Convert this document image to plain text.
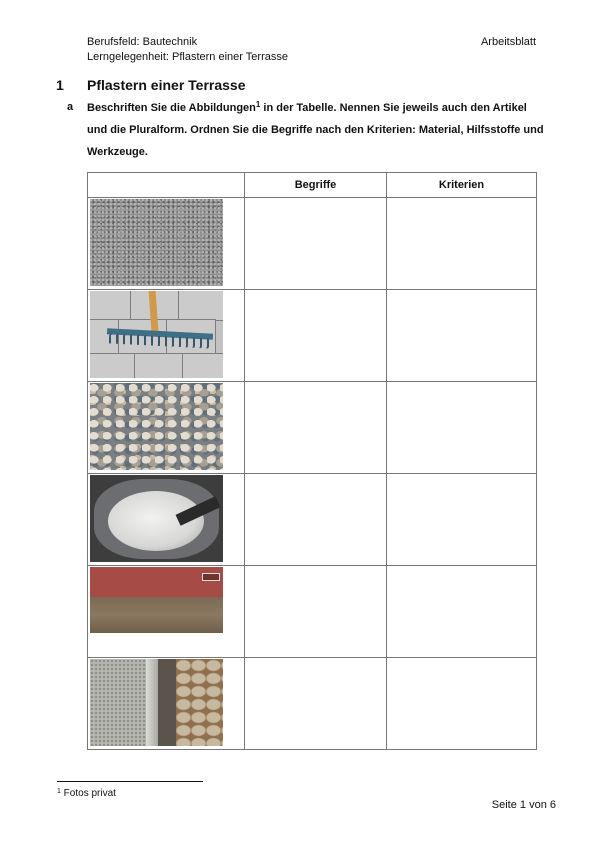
Berufsfeld: Bautechnik
Lerngelegenheit: Pflastern einer Terrasse
Arbeitsblatt
1 Pflastern einer Terrasse
a Beschriften Sie die Abbildungen$^1$ in der Tabelle. Nennen Sie jeweils auch den Artikel und die Pluralform. Ordnen Sie die Begriffe nach den Kriterien: Material, Hilfsstoffe und Werkzeuge.
	Begriffe	Kriterien

$^1$ Fotos privat
Seite 1 von 6
